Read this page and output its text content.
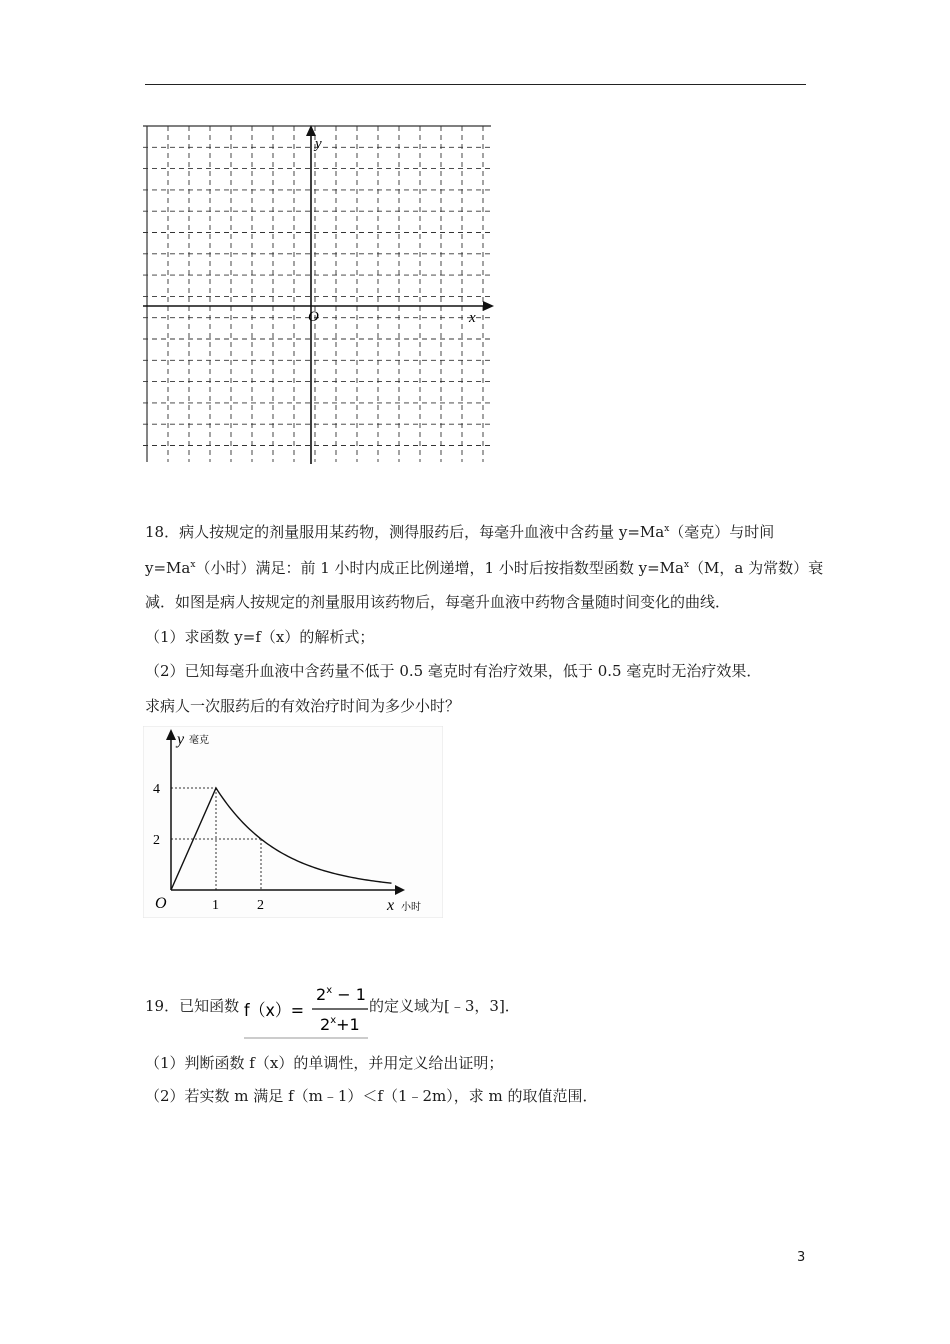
y
x
O
18．病人按规定的剂量服用某药物，测得服药后，每毫升血液中含药量 $y=Ma^x$（毫克）与时间
$y=Ma^x$（小时）满足：前 1 小时内成正比例递增，1 小时后按指数型函数 $y=Ma^x(M$，a 为常数）衰
减．如图是病人按规定的剂量服用该药物后，每毫升血液中药物含量随时间变化的曲线．
（1）求函数 y=f（x）的解析式；
（2）已知每毫升血液中含药量不低于 0.5 毫克时有治疗效果，低于 0.5 毫克时无治疗效果．
求病人一次服药后的有效治疗时间为多少小时？
4
2
1	2
y 毫克
x 小时
O
19．已知函数 f（x）=
$2^x - 1$
$2^x+1$
的定义域为[﹣3，3]．
（1）判断函数 f（x）的单调性，并用定义给出证明；
（2）若实数 m 满足 f（m﹣1）＜f（1﹣2m），求 m 的取值范围．
3
